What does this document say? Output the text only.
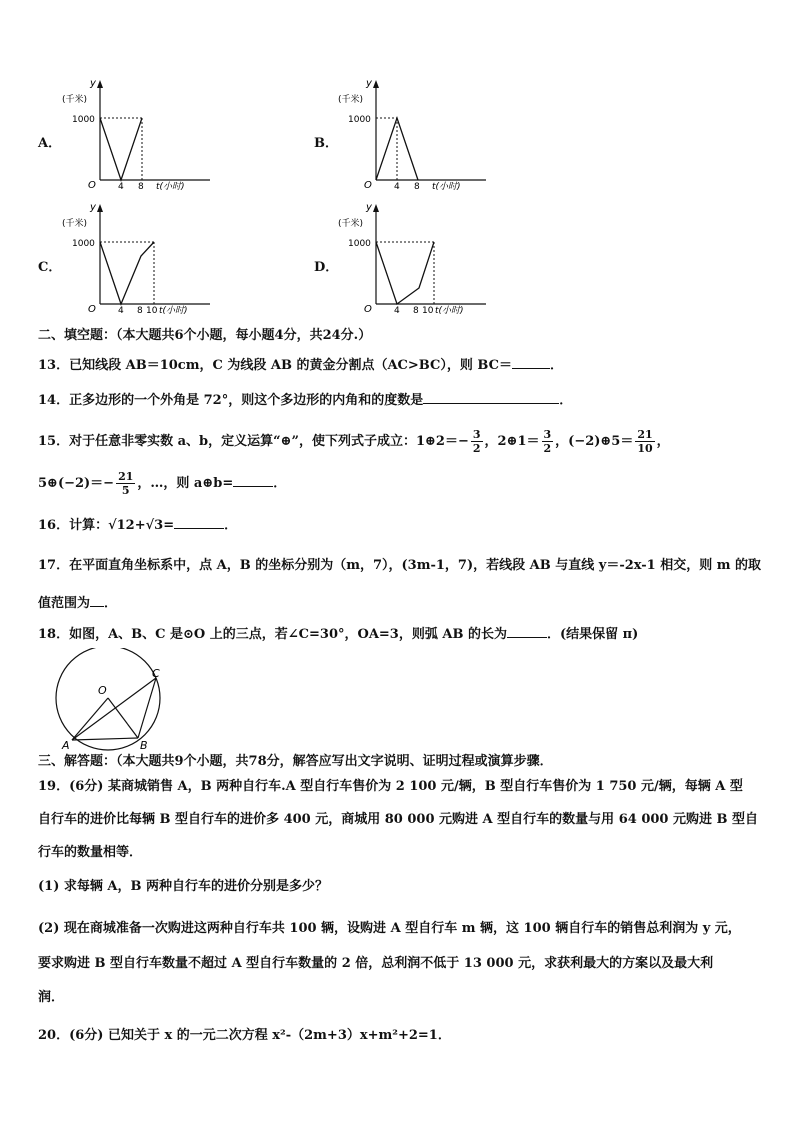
A．	B．
C．	D．
y
(千米)
1000
O 4 8 t(小时)
y
(千米)
1000
O 4 8 t(小时)
y
(千米)
1000
O 4 8 10 t(小时)
y
(千米)
1000
O 4 8 10 t(小时)
二、填空题：（本大题共6个小题，每小题4分，共24分.）
13．已知线段 AB＝10cm，C 为线段 AB 的黄金分割点（AC>BC），则 BC＝	．
14．正多边形的一个外角是 72°，则这个多边形的内角和的度数是	．
15．对于任意非零实数 a、b，定义运算“⊕”，使下列式子成立：1⊕2＝− $\frac{3}{2}$ ，2⊕1＝ $\frac{3}{2}$ ，(−2)⊕5＝ $\frac{21}{10}$ ，
5⊕(−2)＝− $\frac{21}{5}$ ，…，则 a⊕b=	．
16．计算：√12+√3=	．
17．在平面直角坐标系中，点 A，B 的坐标分别为（m，7），(3m-1，7)，若线段 AB 与直线 y＝-2x-1 相交，则 m 的取
值范围为 ．
18．如图，A、B、C 是⊙O 上的三点，若∠C=30°，OA=3，则弧 AB 的长为	．(结果保留 π)
O
A	B
C
三、解答题：（本大题共9个小题，共78分，解答应写出文字说明、证明过程或演算步骤．
19．(6分) 某商城销售 A，B 两种自行车.A 型自行车售价为 2 100 元/辆，B 型自行车售价为 1 750 元/辆，每辆 A 型
自行车的进价比每辆 B 型自行车的进价多 400 元，商城用 80 000 元购进 A 型自行车的数量与用 64 000 元购进 B 型自
行车的数量相等．
(1) 求每辆 A，B 两种自行车的进价分别是多少？
(2) 现在商城准备一次购进这两种自行车共 100 辆，设购进 A 型自行车 m 辆，这 100 辆自行车的销售总利润为 y 元，
要求购进 B 型自行车数量不超过 A 型自行车数量的 2 倍，总利润不低于 13 000 元，求获利最大的方案以及最大利
润．
20．(6分) 已知关于 x 的一元二次方程 x²-（2m+3）x+m²+2=1．
